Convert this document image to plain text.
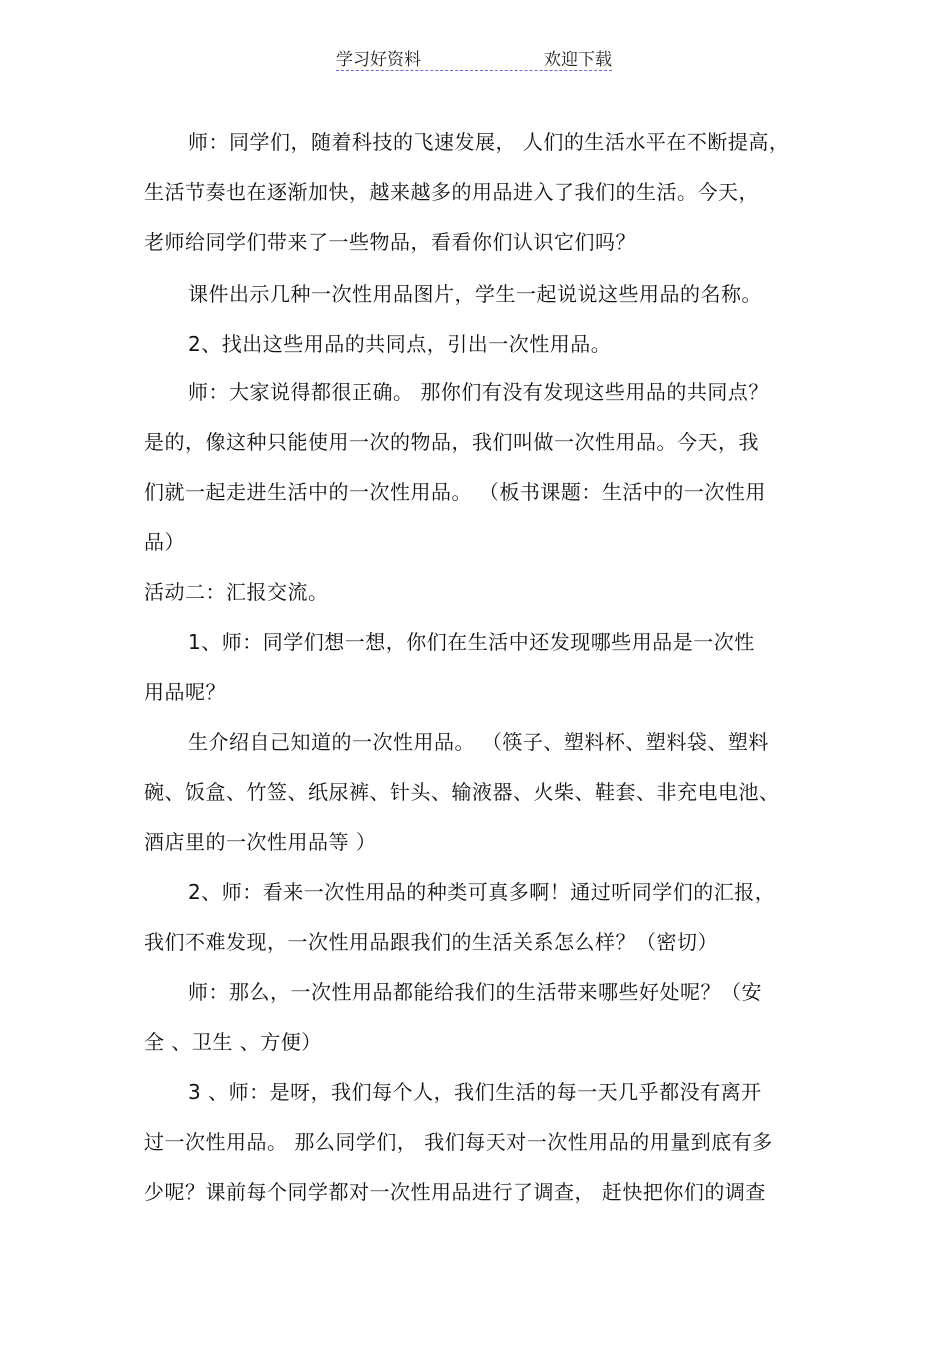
学习好资料	欢迎下载
师：同学们，随着科技的飞速发展， 人们的生活水平在不断提高，
生活节奏也在逐渐加快，越来越多的用品进入了我们的生活。今天，
老师给同学们带来了一些物品，看看你们认识它们吗？
课件出示几种一次性用品图片，学生一起说说这些用品的名称。
2、找出这些用品的共同点，引出一次性用品。
师：大家说得都很正确。 那你们有没有发现这些用品的共同点？
是的，像这种只能使用一次的物品，我们叫做一次性用品。今天，我
们就一起走进生活中的一次性用品。 （板书课题：生活中的一次性用
品）
活动二：汇报交流。
1、师：同学们想一想，你们在生活中还发现哪些用品是一次性
用品呢？
生介绍自己知道的一次性用品。 （筷子、塑料杯、塑料袋、塑料
碗、饭盒、竹签、纸尿裤、针头、输液器、火柴、鞋套、非充电电池、
酒店里的一次性用品等 ）
2、师：看来一次性用品的种类可真多啊！通过听同学们的汇报，
我们不难发现，一次性用品跟我们的生活关系怎么样？（密切）
师：那么，一次性用品都能给我们的生活带来哪些好处呢？（安
全 、卫生 、方便）
3 、师：是呀，我们每个人，我们生活的每一天几乎都没有离开
过一次性用品。 那么同学们， 我们每天对一次性用品的用量到底有多
少呢？课前每个同学都对一次性用品进行了调查， 赶快把你们的调查
